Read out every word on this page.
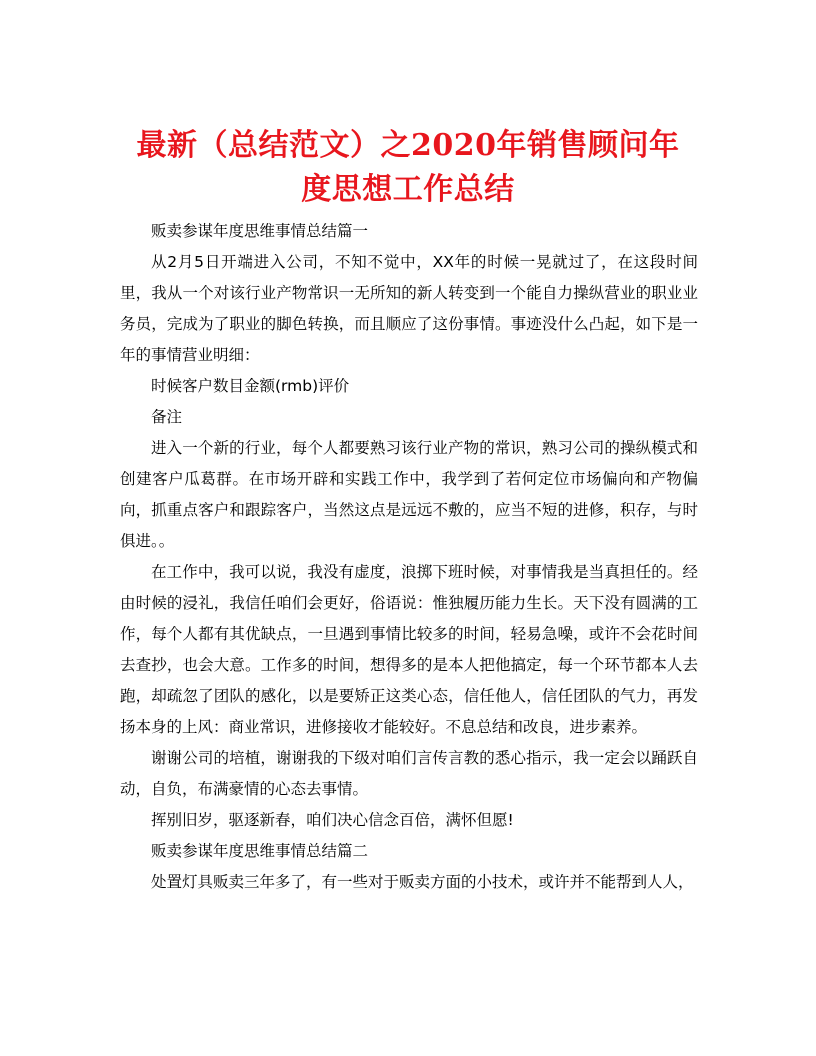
最新（总结范文）之2020年销售顾问年
度思想工作总结

贩卖参谋年度思维事情总结篇一

从2月5日开端进入公司，不知不觉中，XX年的时候一晃就过了，在这段时间里，我从一个对该行业产物常识一无所知的新人转变到一个能自力操纵营业的职业业务员，完成为了职业的脚色转换，而且顺应了这份事情。事迹没什么凸起，如下是一年的事情营业明细：

时候客户数目金额(rmb)评价

备注

进入一个新的行业，每个人都要熟习该行业产物的常识，熟习公司的操纵模式和创建客户瓜葛群。在市场开辟和实践工作中，我学到了若何定位市场偏向和产物偏向，抓重点客户和跟踪客户，当然这点是远远不敷的，应当不短的进修，积存，与时俱进。。

在工作中，我可以说，我没有虚度，浪掷下班时候，对事情我是当真担任的。经由时候的浸礼，我信任咱们会更好，俗语说：惟独履历能力生长。天下没有圆满的工作，每个人都有其优缺点，一旦遇到事情比较多的时间，轻易急噪，或许不会花时间去查抄，也会大意。工作多的时间，想得多的是本人把他搞定，每一个环节都本人去跑，却疏忽了团队的感化，以是要矫正这类心态，信任他人，信任团队的气力，再发扬本身的上风：商业常识，进修接收才能较好。不息总结和改良，进步素养。

谢谢公司的培植，谢谢我的下级对咱们言传言教的悉心指示，我一定会以踊跃自动，自负，布满豪情的心态去事情。

挥别旧岁，驱逐新春，咱们决心信念百倍，满怀但愿!

贩卖参谋年度思维事情总结篇二

处置灯具贩卖三年多了，有一些对于贩卖方面的小技术，或许并不能帮到人人，
